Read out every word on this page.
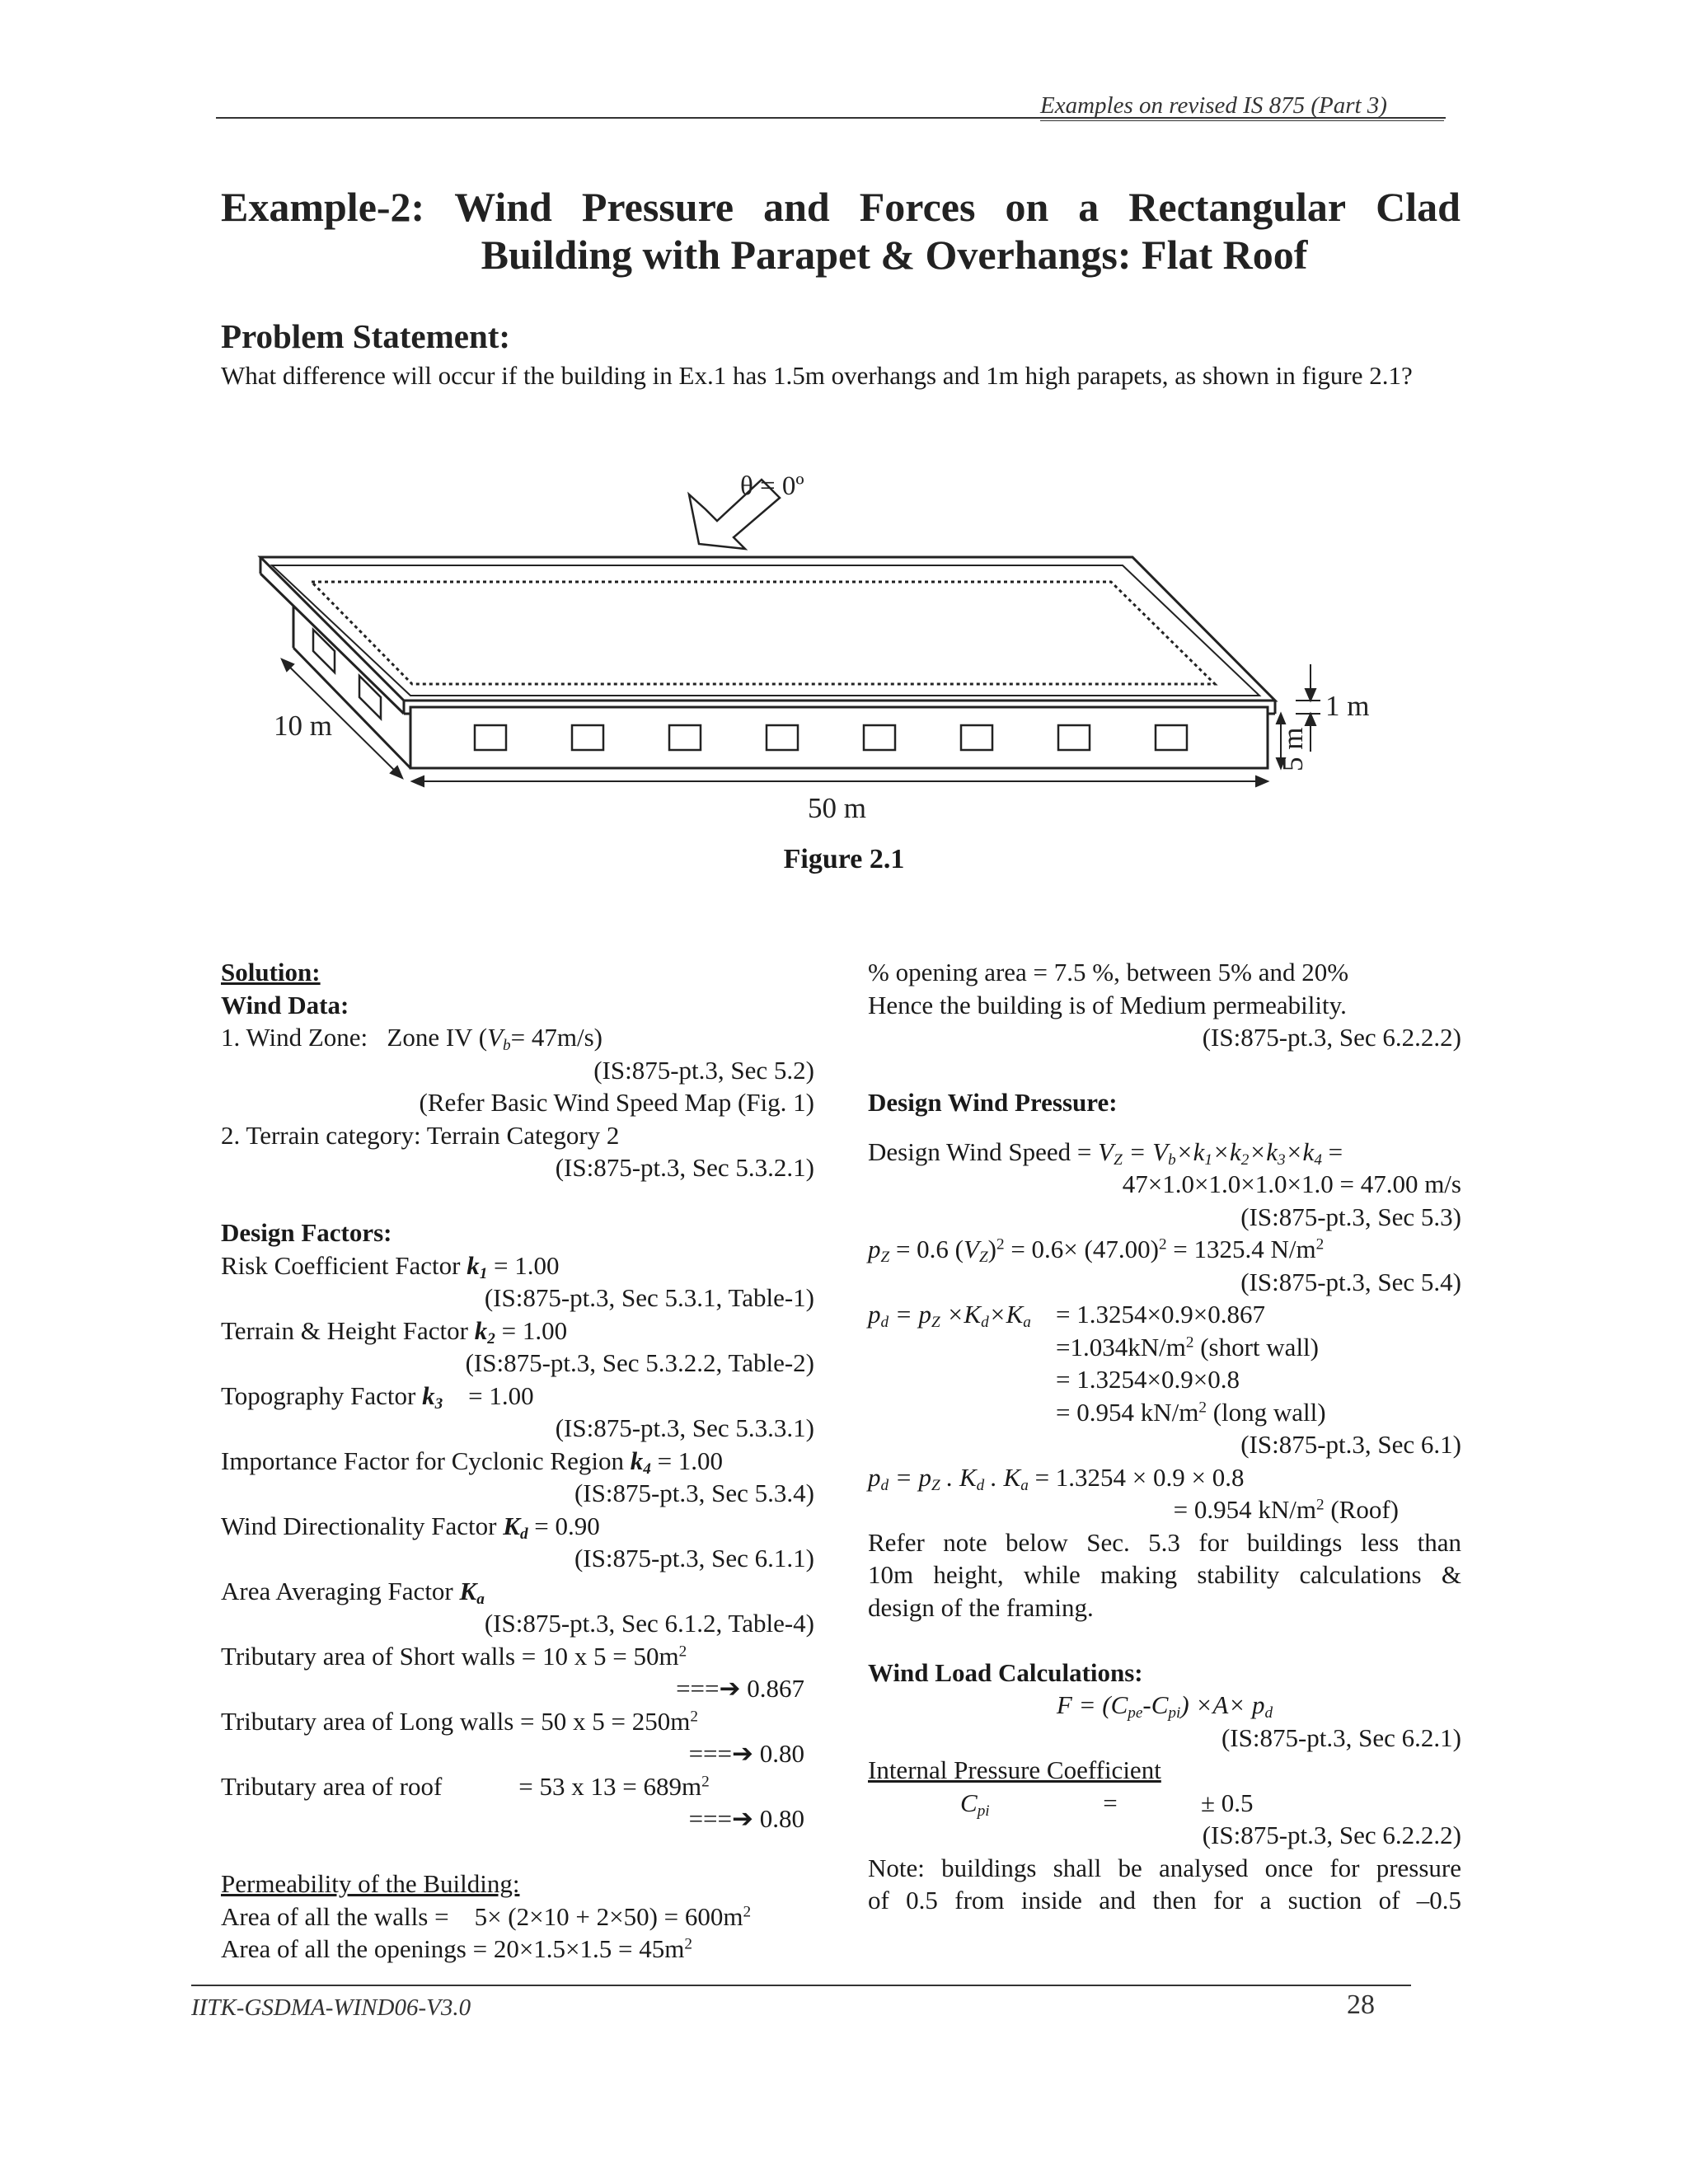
Examples on revised IS 875 (Part 3)
Example-2: Wind Pressure and Forces on a Rectangular Clad
Building with Parapet & Overhangs: Flat Roof
Problem Statement:
What difference will occur if the building in Ex.1 has 1.5m overhangs and 1m high parapets, as shown in figure 2.1?
θ = 0º
10 m
50 m
5 m
1 m
Figure 2.1
Solution:
Wind Data:
1. Wind Zone:   Zone IV $(V_b= 47m/s)$
(IS:875-pt.3, Sec 5.2)
(Refer Basic Wind Speed Map (Fig. 1)
2. Terrain category: Terrain Category 2
(IS:875-pt.3, Sec 5.3.2.1)
Design Factors:
Risk Coefficient Factor $k_1 = 1.00$
(IS:875-pt.3, Sec 5.3.1, Table-1)
Terrain & Height Factor $k_2 = 1.00$
(IS:875-pt.3, Sec 5.3.2.2, Table-2)
Topography Factor $k_3$    = 1.00
(IS:875-pt.3, Sec 5.3.3.1)
Importance Factor for Cyclonic Region $k_4 = 1.00$
(IS:875-pt.3, Sec 5.3.4)
Wind Directionality Factor $K_d = 0.90$
(IS:875-pt.3, Sec 6.1.1)
Area Averaging Factor $K_a$
(IS:875-pt.3, Sec 6.1.2, Table-4)
Tributary area of Short walls = 10 x $5 = 50m^2$
===➔ 0.867
Tributary area of Long walls = 50 x $5 = 250m^2$
===➔ 0.80
Tributary area of roof            = 53 x $13 = 689m^2$
===➔ 0.80
Permeability of the Building:
Area of all the walls =    $5\times (2\times 10 + 2\times 50) = 600m^2$
Area of all the openings = $20\times 1.5\times 1.5 = 45m^2$
% opening area = 7.5 %, between 5% and 20%
Hence the building is of Medium permeability.
(IS:875-pt.3, Sec 6.2.2.2)
Design Wind Pressure:
Design Wind Speed = $V_Z = V_b\times k_1\times k_2\times k_3\times k_4$ =
47×1.0×1.0×1.0×1.0 = 47.00 m/s
(IS:875-pt.3, Sec 5.3)
$p_Z = 0.6$ $(V_Z)^2 = 0.6\times (47.00)^2 = 1325.4$ $N/m^2$
(IS:875-pt.3, Sec 5.4)
$p_d = p_Z \times K_d\times K_a = 1.3254\times 0.9\times 0.867$
$=1.034kN/m^2$ (short wall)
= 1.3254×0.9×0.8
= 0.954 $kN/m^2$ (long wall)
(IS:875-pt.3, Sec 6.1)
$p_d = p_Z$ . $K_d$ . $K_a = 1.3254 \times 0.9 \times 0.8$
= 0.954 $kN/m^2$ (Roof)
Refer note below Sec. 5.3 for buildings less than
10m height, while making stability calculations &
design of the framing.
Wind Load Calculations:
$F = (C_{pe}-C_{pi}) \times A\times p_d$
(IS:875-pt.3, Sec 6.2.1)
Internal Pressure Coefficient
$C_{pi}$	=	± 0.5
(IS:875-pt.3, Sec 6.2.2.2)
Note: buildings shall be analysed once for pressure
of 0.5 from inside and then for a suction of –0.5
IITK-GSDMA-WIND06-V3.0	28
